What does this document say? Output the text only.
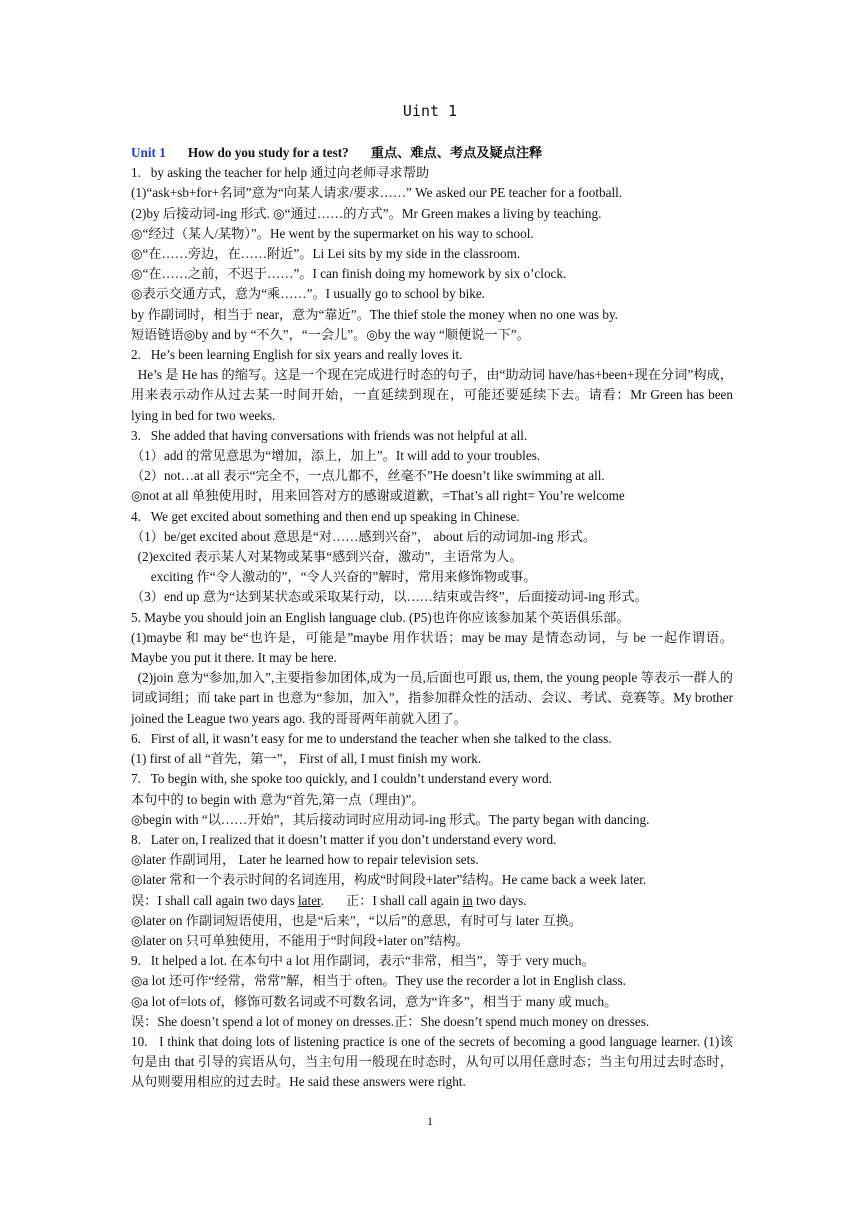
Uint 1
Unit 1 How do you study for a test? 重点、难点、考点及疑点注释
1.   by asking the teacher for help 通过向老师寻求帮助
(1)“ask+sb+for+名词”意为“向某人请求/要求……” We asked our PE teacher for a football.
(2)by 后接动词-ing 形式. ◎“通过……的方式”。Mr Green makes a living by teaching.
◎“经过（某人/某物）”。He went by the supermarket on his way to school.
◎“在……旁边，在……附近”。Li Lei sits by my side in the classroom.
◎“在……之前，不迟于……”。I can finish doing my homework by six o’clock.
◎表示交通方式，意为“乘……”。I usually go to school by bike.
by 作副词时，相当于 near，意为“靠近”。The thief stole the money when no one was by.
短语链语◎by and by “不久”，“一会儿”。◎by the way “顺便说一下”。
2.   He’s been learning English for six years and really loves it.
He’s 是 He has 的缩写。这是一个现在完成进行时态的句子，由“助动词 have/has+been+现在分词”构成，用来表示动作从过去某一时间开始，一直延续到现在，可能还要延续下去。请看：Mr Green has been lying in bed for two weeks.
3.   She added that having conversations with friends was not helpful at all.
（1）add 的常见意思为“增加，添上，加上”。It will add to your troubles.
（2）not…at all 表示“完全不，一点儿都不，丝毫不”He doesn’t like swimming at all.
◎not at all 单独使用时，用来回答对方的感谢或道歉，=That’s all right= You’re welcome
4.   We get excited about something and then end up speaking in Chinese.
（1）be/get excited about 意思是“对……感到兴奋”， about 后的动词加-ing 形式。
(2)excited 表示某人对某物或某事“感到兴奋，激动”，主语常为人。
exciting 作“令人激动的”，“令人兴奋的”解时，常用来修饰物或事。
（3）end up 意为“达到某状态或采取某行动，以……结束或告终”，后面接动词-ing 形式。
5. Maybe you should join an English language club. (P5)也许你应该参加某个英语俱乐部。
(1)maybe 和 may be“也许是，可能是”maybe 用作状语；may be may 是情态动词，与 be 一起作谓语。Maybe you put it there. It may be here.
(2)join 意为“参加,加入”,主要指参加团体,成为一员,后面也可跟 us, them, the young people 等表示一群人的词或词组；而 take part in 也意为“参加，加入”，指参加群众性的活动、会议、考试、竞赛等。My brother joined the League two years ago. 我的哥哥两年前就入团了。
6.   First of all, it wasn’t easy for me to understand the teacher when she talked to the class.
(1) first of all “首先，第一”， First of all, I must finish my work.
7.   To begin with, she spoke too quickly, and I couldn’t understand every word.
本句中的 to begin with 意为“首先,第一点（理由)”。
◎begin with “以……开始”，其后接动词时应用动词-ing 形式。The party began with dancing.
8.   Later on, I realized that it doesn’t matter if you don’t understand every word.
◎later 作副词用， Later he learned how to repair television sets.
◎later 常和一个表示时间的名词连用，构成“时间段+later”结构。He came back a week later.
误：I shall call again two days later. 正：I shall call again in two days.
◎later on 作副词短语使用，也是“后来”，“以后”的意思，有时可与 later 互换。
◎later on 只可单独使用，不能用于“时间段+later on”结构。
9.   It helped a lot. 在本句中 a lot 用作副词，表示“非常，相当”，等于 very much。
◎a lot 还可作“经常，常常”解，相当于 often。They use the recorder a lot in English class.
◎a lot of=lots of，修饰可数名词或不可数名词，意为“许多”，相当于 many 或 much。
误：She doesn’t spend a lot of money on dresses.正：She doesn’t spend much money on dresses.
10.   I think that doing lots of listening practice is one of the secrets of becoming a good language learner. (1)该句是由 that 引导的宾语从句，当主句用一般现在时态时，从句可以用任意时态；当主句用过去时态时，从句则要用相应的过去时。He said these answers were right.
1
